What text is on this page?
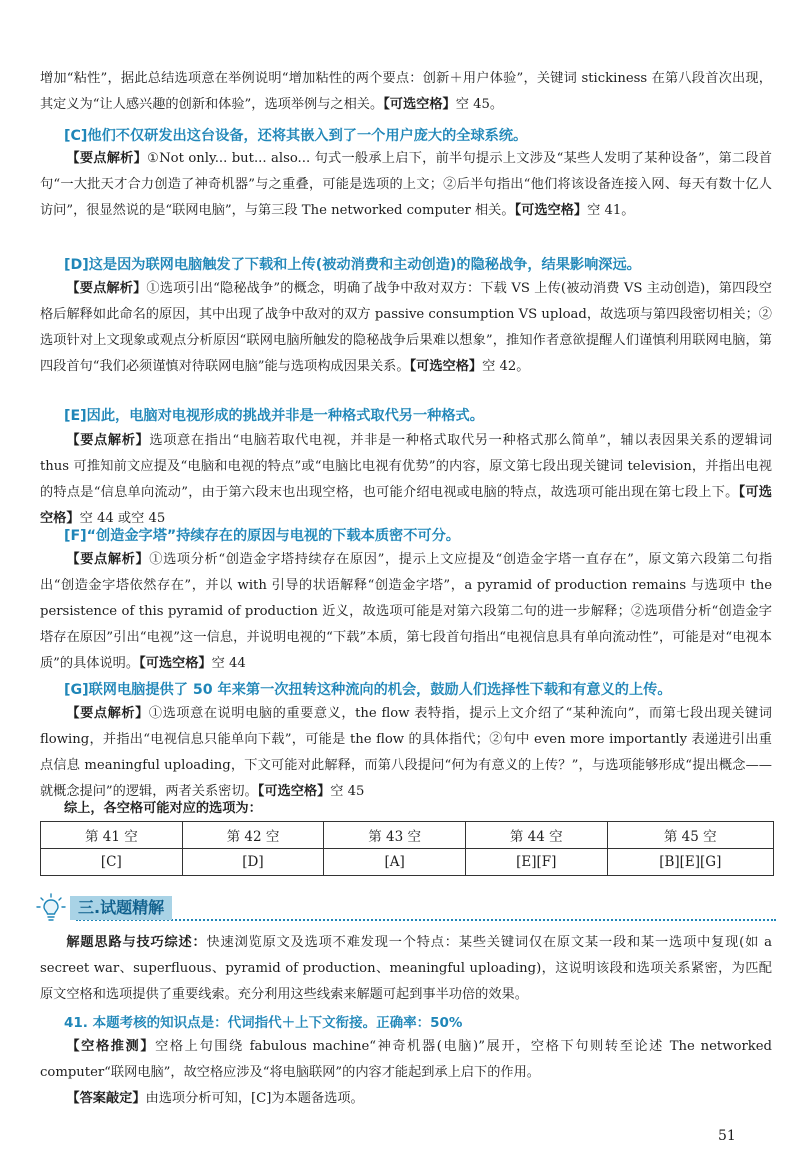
增加“粘性”，据此总结选项意在举例说明“增加粘性的两个要点：创新＋用户体验”，关键词 stickiness 在第八段首次出现，其定义为“让人感兴趣的创新和体验”，选项举例与之相关。【可选空格】空 45。

[C]他们不仅研发出这台设备，还将其嵌入到了一个用户庞大的全球系统。

【要点解析】①Not only... but... also... 句式一般承上启下，前半句提示上文涉及“某些人发明了某种设备”，第二段首句“一大批天才合力创造了神奇机器”与之重叠，可能是选项的上文；②后半句指出“他们将该设备连接入网、每天有数十亿人访问”，很显然说的是“联网电脑”，与第三段 The networked computer 相关。【可选空格】空 41。

[D]这是因为联网电脑触发了下载和上传(被动消费和主动创造)的隐秘战争，结果影响深远。

【要点解析】①选项引出“隐秘战争”的概念，明确了战争中敌对双方：下载 VS 上传(被动消费 VS 主动创造)，第四段空格后解释如此命名的原因，其中出现了战争中敌对的双方 passive consumption VS upload，故选项与第四段密切相关；②选项针对上文现象或观点分析原因“联网电脑所触发的隐秘战争后果难以想象”，推知作者意欲提醒人们谨慎利用联网电脑，第四段首句“我们必须谨慎对待联网电脑”能与选项构成因果关系。【可选空格】空 42。

[E]因此，电脑对电视形成的挑战并非是一种格式取代另一种格式。

【要点解析】选项意在指出“电脑若取代电视，并非是一种格式取代另一种格式那么简单”，辅以表因果关系的逻辑词 thus 可推知前文应提及“电脑和电视的特点”或“电脑比电视有优势”的内容，原文第七段出现关键词 television，并指出电视的特点是“信息单向流动”，由于第六段末也出现空格，也可能介绍电视或电脑的特点，故选项可能出现在第七段上下。【可选空格】空 44 或空 45

[F]“创造金字塔”持续存在的原因与电视的下载本质密不可分。

【要点解析】①选项分析“创造金字塔持续存在原因”，提示上文应提及“创造金字塔一直存在”，原文第六段第二句指出“创造金字塔依然存在”，并以 with 引导的状语解释“创造金字塔”，a pyramid of production remains 与选项中 the persistence of this pyramid of production 近义，故选项可能是对第六段第二句的进一步解释；②选项借分析“创造金字塔存在原因”引出“电视”这一信息，并说明电视的“下载”本质，第七段首句指出“电视信息具有单向流动性”，可能是对“电视本质”的具体说明。【可选空格】空 44

[G]联网电脑提供了 50 年来第一次扭转这种流向的机会，鼓励人们选择性下载和有意义的上传。

【要点解析】①选项意在说明电脑的重要意义，the flow 表特指，提示上文介绍了“某种流向”，而第七段出现关键词 flowing，并指出“电视信息只能单向下载”，可能是 the flow 的具体指代；②句中 even more importantly 表递进引出重点信息 meaningful uploading，下文可能对此解释，而第八段提问“何为有意义的上传？”，与选项能够形成“提出概念——就概念提问”的逻辑，两者关系密切。【可选空格】空 45

综上，各空格可能对应的选项为：

第 41 空	第 42 空	第 43 空	第 44 空	第 45 空
[C]	[D]	[A]	[E][F]	[B][E][G]
三.试题精解

解题思路与技巧综述：快速浏览原文及选项不难发现一个特点：某些关键词仅在原文某一段和某一选项中复现(如 a secreet war、superfluous、pyramid of production、meaningful uploading)，这说明该段和选项关系紧密，为匹配原文空格和选项提供了重要线索。充分利用这些线索来解题可起到事半功倍的效果。

41. 本题考核的知识点是：代词指代＋上下文衔接。正确率：50%

【空格推测】空格上句围绕 fabulous machine“神奇机器(电脑)”展开，空格下句则转至论述 The networked computer“联网电脑”，故空格应涉及“将电脑联网”的内容才能起到承上启下的作用。

【答案敲定】由选项分析可知，[C]为本题备选项。

51
